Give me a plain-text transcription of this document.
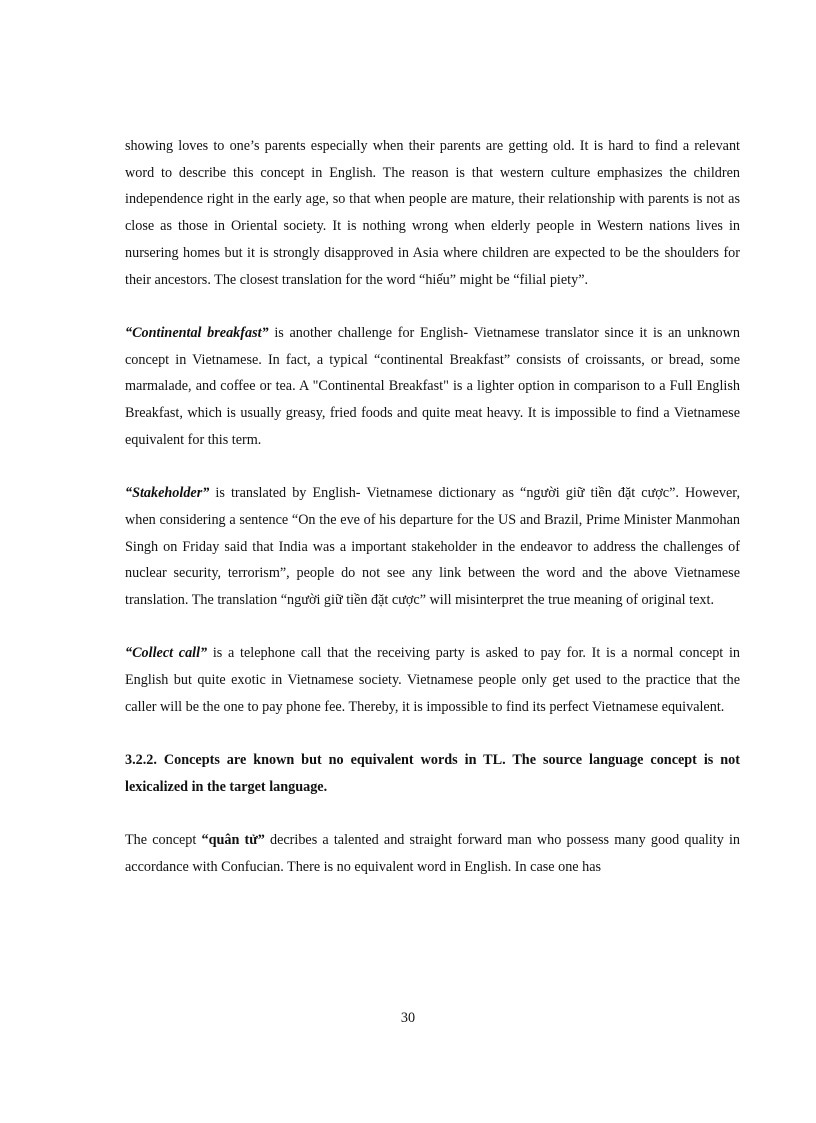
showing loves to one’s parents especially when their parents are getting old. It is hard to find a relevant word to describe this concept in English. The reason is that western culture emphasizes the children independence right in the early age, so that when people are mature, their relationship with parents is not as close as those in Oriental society. It is nothing wrong when elderly people in Western nations lives in nursering homes but it is strongly disapproved in Asia where children are expected to be the shoulders for their ancestors. The closest translation for the word “hiếu” might be “filial piety”.

“Continental breakfast” is another challenge for English- Vietnamese translator since it is an unknown concept in Vietnamese. In fact, a typical “continental Breakfast” consists of croissants, or bread, some marmalade, and coffee or tea. A "Continental Breakfast" is a lighter option in comparison to a Full English Breakfast, which is usually greasy, fried foods and quite meat heavy. It is impossible to find a Vietnamese equivalent for this term.

“Stakeholder” is translated by English- Vietnamese dictionary as “người giữ tiền đặt cược”. However, when considering a sentence “On the eve of his departure for the US and Brazil, Prime Minister Manmohan Singh on Friday said that India was a important stakeholder in the endeavor to address the challenges of nuclear security, terrorism”, people do not see any link between the word and the above Vietnamese translation. The translation “người giữ tiền đặt cược” will misinterpret the true meaning of original text.

“Collect call” is a telephone call that the receiving party is asked to pay for. It is a normal concept in English but quite exotic in Vietnamese society. Vietnamese people only get used to the practice that the caller will be the one to pay phone fee. Thereby, it is impossible to find its perfect Vietnamese equivalent.

3.2.2. Concepts are known but no equivalent words in TL. The source language concept is not lexicalized in the target language.

The concept “quân tử” decribes a talented and straight forward man who possess many good quality in accordance with Confucian. There is no equivalent word in English. In case one has

30
